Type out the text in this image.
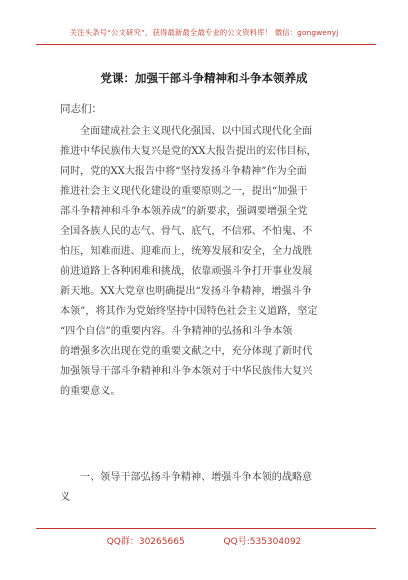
关注头条号“公文研究”，获得最新最全最专业的公文资料库！ 微信：gongwenyj
党课：加强干部斗争精神和斗争本领养成
同志们：
全面建成社会主义现代化强国、以中国式现代化全面
推进中华民族伟大复兴是党的XX大报告提出的宏伟目标，
同时，党的XX大报告中将“坚持发扬斗争精神”作为全面
推进社会主义现代化建设的重要原则之一，提出“加强干
部斗争精神和斗争本领养成”的新要求，强调要增强全党
全国各族人民的志气、骨气、底气，不信邪、不怕鬼、不
怕压，知难而进、迎难而上，统筹发展和安全，全力战胜
前进道路上各种困难和挑战，依靠顽强斗争打开事业发展
新天地。XX大党章也明确提出“发扬斗争精神，增强斗争
本领”，将其作为党始终坚持中国特色社会主义道路，坚定
“四个自信”的重要内容。斗争精神的弘扬和斗争本领
的增强多次出现在党的重要文献之中，充分体现了新时代
加强领导干部斗争精神和斗争本领对于中华民族伟大复兴
的重要意义。
一、领导干部弘扬斗争精神、增强斗争本领的战略意
义
QQ群：30265665	QQ号:535304092
